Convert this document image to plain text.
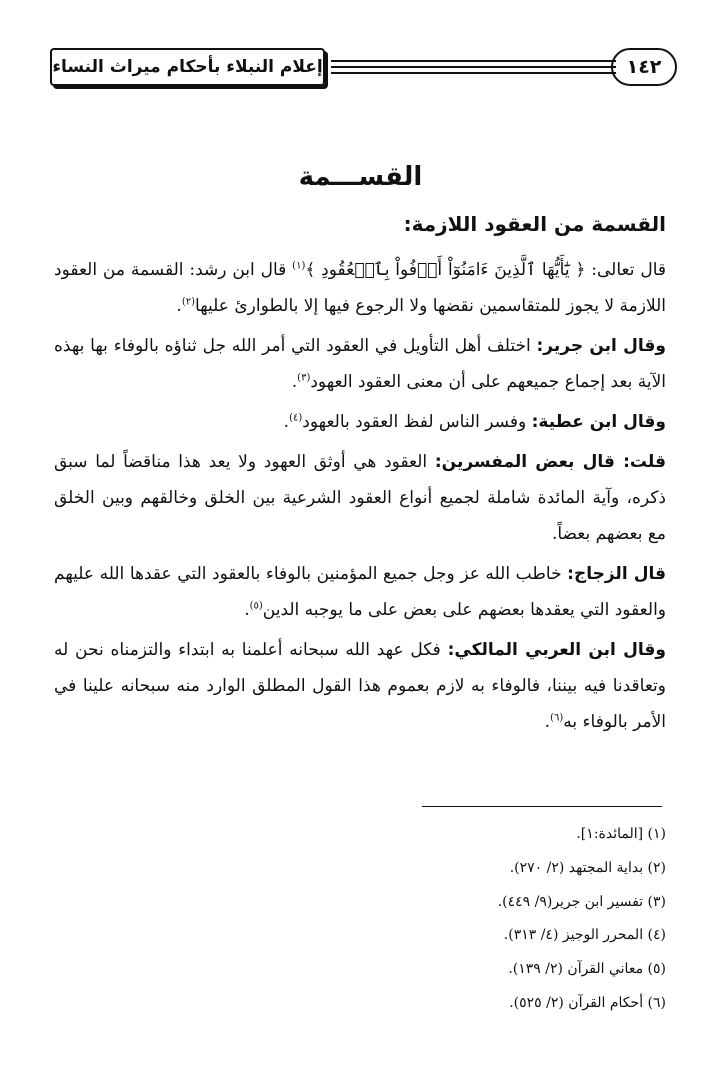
إعلام النبلاء بأحكام ميراث النساء	١٤٢
القســـمة
القسمة من العقود اللازمة:

قال تعالى: ﴿ يَٰٓأَيُّهَا ٱلَّذِينَ ءَامَنُوٓاْ أَوۡفُواْ بِٱلۡعُقُودِ ﴾$^{(١)}$ قال ابن رشد: القسمة من العقود اللازمة لا يجوز للمتقاسمين نقضها ولا الرجوع فيها إلا بالطوارئ عليها$^{(٢)}$.

وقال ابن جرير: اختلف أهل التأويل في العقود التي أمر الله جل ثناؤه بالوفاء بها بهذه الآية بعد إجماع جميعهم على أن معنى العقود العهود$^{(٣)}$.

وقال ابن عطية: وفسر الناس لفظ العقود بالعهود$^{(٤)}$.

قلت: قال بعض المفسرين: العقود هي أوثق العهود ولا يعد هذا مناقضاً لما سبق ذكره، وآية المائدة شاملة لجميع أنواع العقود الشرعية بين الخلق وخالقهم وبين الخلق مع بعضهم بعضاً.

قال الزجاج: خاطب الله عز وجل جميع المؤمنين بالوفاء بالعقود التي عقدها الله عليهم والعقود التي يعقدها بعضهم على بعض على ما يوجبه الدين$^{(٥)}$.

وقال ابن العربي المالكي: فكل عهد الله سبحانه أعلمنا به ابتداء والتزمناه نحن له وتعاقدنا فيه بيننا، فالوفاء به لازم بعموم هذا القول المطلق الوارد منه سبحانه علينا في الأمر بالوفاء به$^{(٦)}$.

(١) [المائدة:١].
(٢) بداية المجتهد (٢/ ٢٧٠).
(٣) تفسير ابن جرير(٩/ ٤٤٩).
(٤) المحرر الوجيز (٤/ ٣١٣).
(٥) معاني القرآن (٢/ ١٣٩).
(٦) أحكام القرآن (٢/ ٥٢٥).
